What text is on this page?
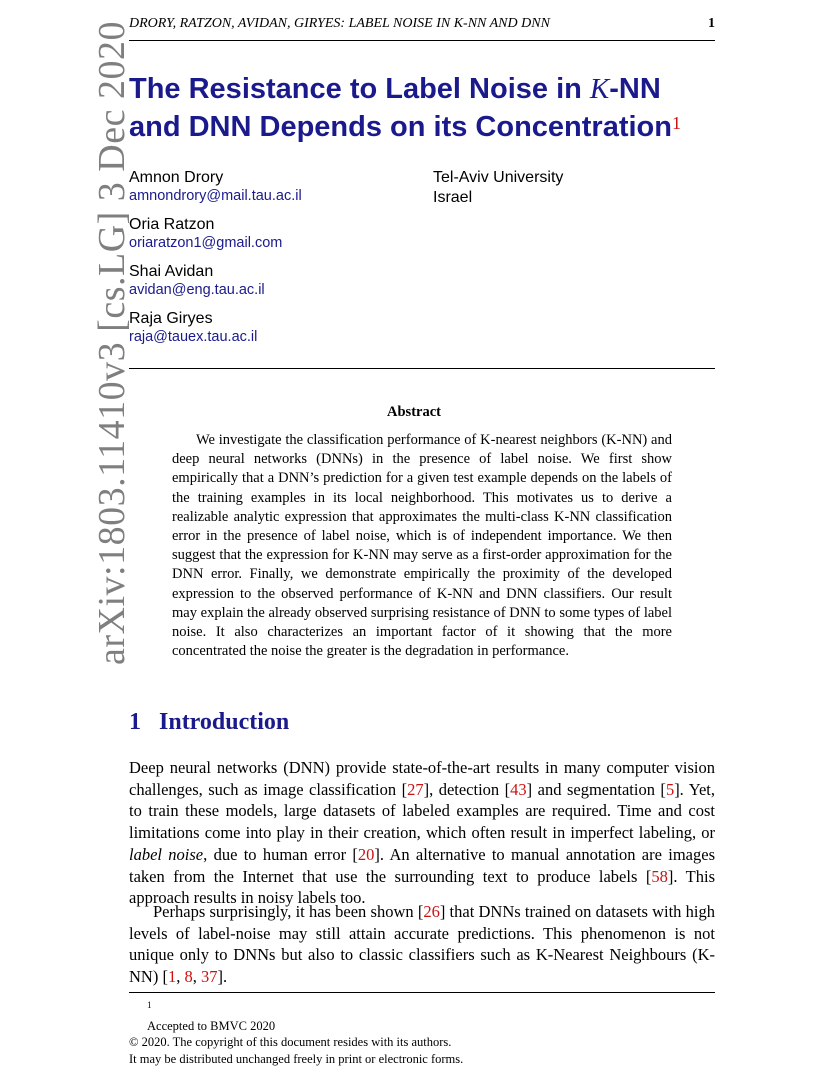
DRORY, RATZON, AVIDAN, GIRYES: LABEL NOISE IN K-NN AND DNN	1
arXiv:1803.11410v3 [cs.LG] 3 Dec 2020
The Resistance to Label Noise in K-NN
and DNN Depends on its Concentration$^1$
Amnon Drory
amnondrory@mail.tau.ac.il
Oria Ratzon
oriaratzon1@gmail.com
Shai Avidan
avidan@eng.tau.ac.il
Raja Giryes
raja@tauex.tau.ac.il
Tel-Aviv University
Israel
Abstract
We investigate the classification performance of K-nearest neighbors (K-NN) and deep neural networks (DNNs) in the presence of label noise. We first show empirically that a DNN’s prediction for a given test example depends on the labels of the training examples in its local neighborhood. This motivates us to derive a realizable analytic expression that approximates the multi-class K-NN classification error in the presence of label noise, which is of independent importance. We then suggest that the expression for K-NN may serve as a first-order approximation for the DNN error. Finally, we demonstrate empirically the proximity of the developed expression to the observed performance of K-NN and DNN classifiers. Our result may explain the already observed surprising resistance of DNN to some types of label noise. It also characterizes an important factor of it showing that the more concentrated the noise the greater is the degradation in performance.
1 Introduction
Deep neural networks (DNN) provide state-of-the-art results in many computer vision challenges, such as image classification [27], detection [43] and segmentation [5]. Yet, to train these models, large datasets of labeled examples are required. Time and cost limitations come into play in their creation, which often result in imperfect labeling, or label noise, due to human error [20]. An alternative to manual annotation are images taken from the Internet that use the surrounding text to produce labels [58]. This approach results in noisy labels too.
Perhaps surprisingly, it has been shown [26] that DNNs trained on datasets with high levels of label-noise may still attain accurate predictions. This phenomenon is not unique only to DNNs but also to classic classifiers such as K-Nearest Neighbours (K-NN) [1, 8, 37].
$^1$
Accepted to BMVC 2020
© 2020. The copyright of this document resides with its authors.
It may be distributed unchanged freely in print or electronic forms.
